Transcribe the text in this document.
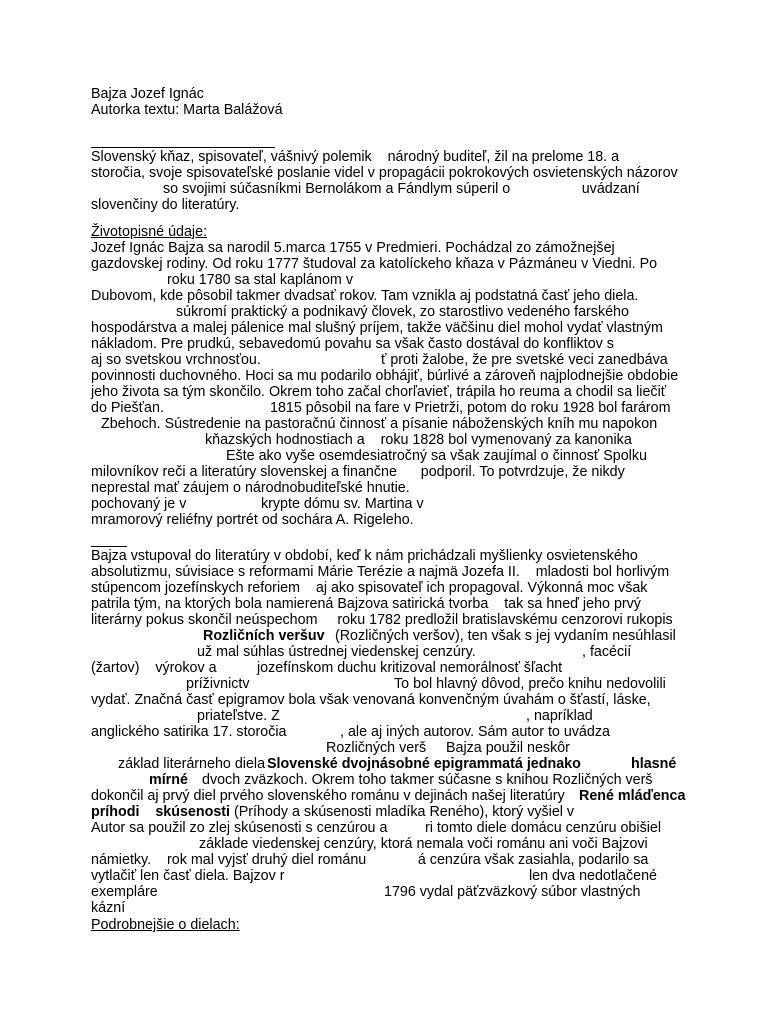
Bajza Jozef Ignác
Autorka textu: Marta Balážová
Slovenský kňaz, spisovateľ, vášnivý polemik    národný buditeľ, žil na prelome 18. a
storočia, svoje spisovateľské poslanie videl v propagácii pokrokových osvietenských názorov
so svojimi súčasníkmi Bernolákom a Fándlym súperil o                  uvádzaní
slovenčiny do literatúry.
Životopisné údaje:
Jozef Ignác Bajza sa narodil 5.marca 1755 v Predmieri. Pochádzal zo zámožnejšej
gazdovskej rodiny. Od roku 1777 študoval za katolíckeho kňaza v Pázmáneu v Viedni. Po
roku 1780 sa stal kaplánom v
Dubovom, kde pôsobil takmer dvadsať rokov. Tam vznikla aj podstatná časť jeho diela.
súkromí praktický a podnikavý človek, zo starostlivo vedeného farského
hospodárstva a malej pálenice mal slušný príjem, takže väčšinu diel mohol vydať vlastným
nákladom. Pre prudkú, sebavedomú povahu sa však často dostával do konfliktov s
aj so svetskou vrchnosťou.	ť proti žalobe, že pre svetské veci zanedbáva
povinnosti duchovného. Hoci sa mu podarilo obhájiť, búrlivé a zároveň najplodnejšie obdobie
jeho života sa tým skončilo. Okrem toho začal chorľavieť, trápila ho reuma a chodil sa liečiť
do Piešťan.	1815 pôsobil na fare v Prietrži, potom do roku 1928 bol farárom
Zbehoch. Sústredenie na pastoračnú činnosť a písanie náboženských kníh mu napokon
kňazských hodnostiach a    roku 1828 bol vymenovaný za kanonika
Ešte ako vyše osemdesiatročný sa však zaujímal o činnosť Spolku
milovníkov reči a literatúry slovenskej a finančne      podporil. To potvrdzuje, že nikdy
neprestal mať záujem o národnobuditeľské hnutie.
pochovaný je v	krypte dómu sv. Martina v
mramorový reliéfny portrét od sochára A. Rigeleho.
Bajza vstupoval do literatúry v období, keď k nám prichádzali myšlienky osvietenského
absolutizmu, súvisiace s reformami Márie Terézie a najmä Jozefa II.    mladosti bol horlivým
stúpencom jozefínskych reforiem    aj ako spisovateľ ich propagoval. Výkonná moc však
patrila tým, na ktorých bola namierená Bajzova satirická tvorba    tak sa hneď jeho prvý
literárny pokus skončil neúspechom     roku 1782 predložil bratislavskému cenzorovi rukopis
Rozličních veršuv (Rozličných veršov), ten však s jej vydaním nesúhlasil
už mal súhlas ústrednej viedenskej cenzúry.	, facécií
(žartov)    výrokov a	jozefínskom duchu kritizoval nemorálnosť šľacht
príživnictv	To bol hlavný dôvod, prečo knihu nedovolili
vydať. Značná časť epigramov bola však venovaná konvenčným úvahám o šťastí, láske,
priateľstve. Z	, napríklad
anglického satirika 17. storočia	, ale aj iných autorov. Sám autor to uvádza
Rozličných verš     Bajza použil neskôr
základ literárneho diela
Slovenské dvojnásobné epigrammatá jednako	hlasné
mírné dvoch zväzkoch. Okrem toho takmer súčasne s knihou Rozličných verš
dokončil aj prvý diel prvého slovenského románu v dejinách našej literatúry René mláďenca
príhodi    skúsenosti (Príhody a skúsenosti mladíka Reného), ktorý vyšiel v
Autor sa použil zo zlej skúsenosti s cenzúrou a	ri tomto diele domácu cenzúru obišiel
základe viedenskej cenzúry, ktorá nemala voči románu ani voči Bajzovi
námietky.    rok mal vyjsť druhý diel románu             á cenzúra však zasiahla, podarilo sa
vytlačiť len časť diela. Bajzov r	len dva nedotlačené
exempláre	1796 vydal päťzväzkový súbor vlastných
kázní
Podrobnejšie o dielach:
